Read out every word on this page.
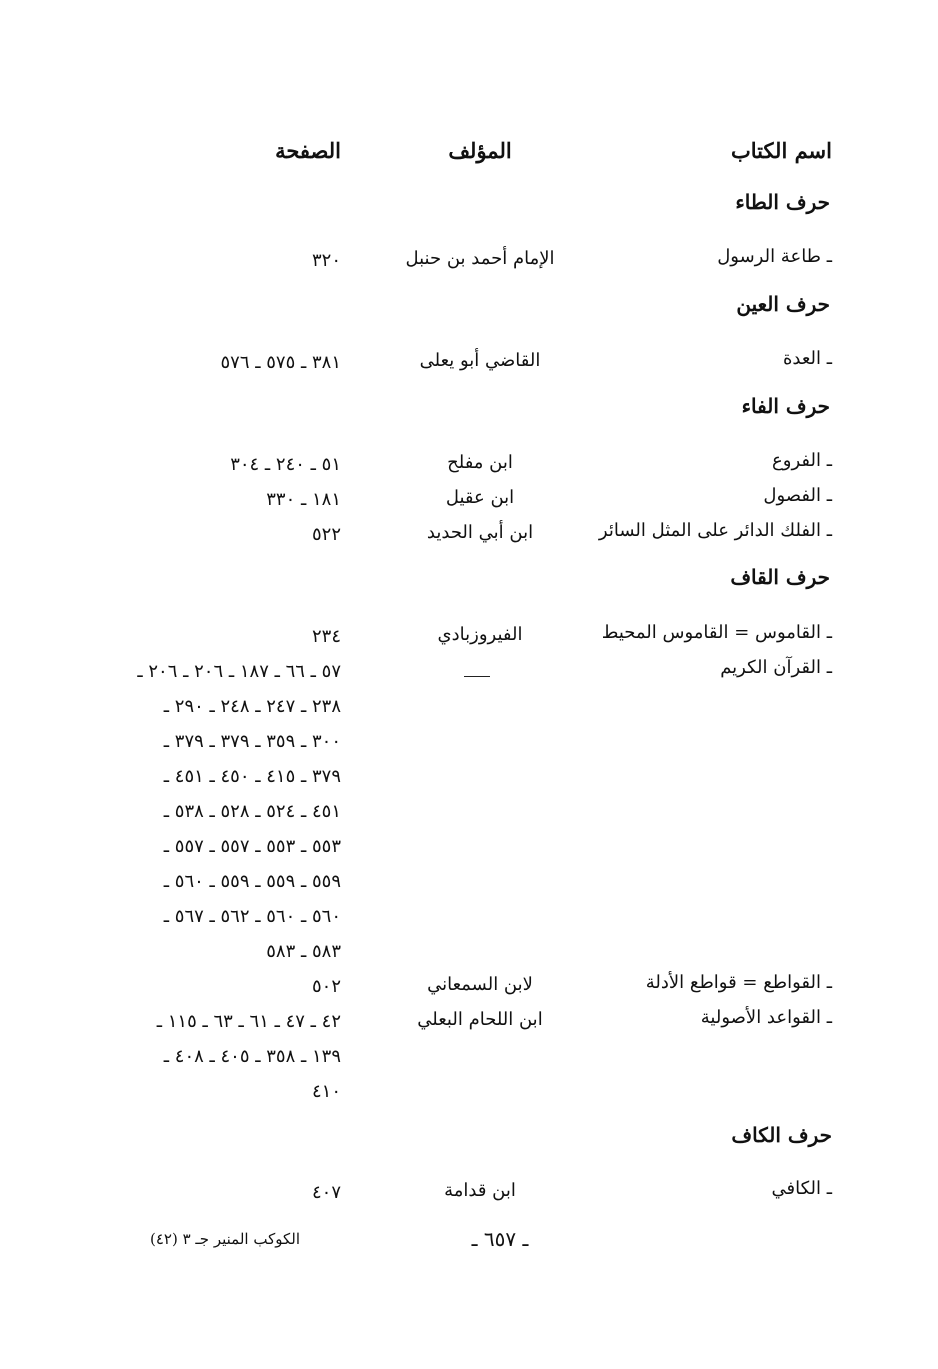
اسم الكتاب
المؤلف
الصفحة
حرف الطاء
ـ طاعة الرسول
الإمام أحمد بن حنبل
٣٢٠
حرف العين
ـ العدة
القاضي أبو يعلى
٣٨١ ـ ٥٧٥ ـ ٥٧٦
حرف الفاء
ـ الفروع
ابن مفلح
٥١ ـ ٢٤٠ ـ ٣٠٤
ـ الفصول
ابن عقيل
١٨١ ـ ٣٣٠
ـ الفلك الدائر على المثل السائر
ابن أبي الحديد
٥٢٢
حرف القاف
ـ القاموس = القاموس المحيط
الفيروزبادي
٢٣٤
ـ القرآن الكريم
٥٧ ـ ٦٦ ـ ١٨٧ ـ ٢٠٦ ـ ٢٠٦ ـ
٢٣٨ ـ ٢٤٧ ـ ٢٤٨ ـ ٢٩٠ ـ
٣٠٠ ـ ٣٥٩ ـ ٣٧٩ ـ ٣٧٩ ـ
٣٧٩ ـ ٤١٥ ـ ٤٥٠ ـ ٤٥١ ـ
٤٥١ ـ ٥٢٤ ـ ٥٢٨ ـ ٥٣٨ ـ
٥٥٣ ـ ٥٥٣ ـ ٥٥٧ ـ ٥٥٧ ـ
٥٥٩ ـ ٥٥٩ ـ ٥٥٩ ـ ٥٦٠ ـ
٥٦٠ ـ ٥٦٠ ـ ٥٦٢ ـ ٥٦٧ ـ
٥٨٣ ـ ٥٨٣
ـ القواطع = قواطع الأدلة
لابن السمعاني
٥٠٢
ـ القواعد الأصولية
ابن اللحام البعلي
٤٢ ـ ٤٧ ـ ٦١ ـ ٦٣ ـ ١١٥ ـ
١٣٩ ـ ٣٥٨ ـ ٤٠٥ ـ ٤٠٨ ـ
٤١٠
حرف الكاف
ـ الكافي
ابن قدامة
٤٠٧
ـ ٦٥٧ ـ
الكوكب المنير جـ ٣ (٤٢)
